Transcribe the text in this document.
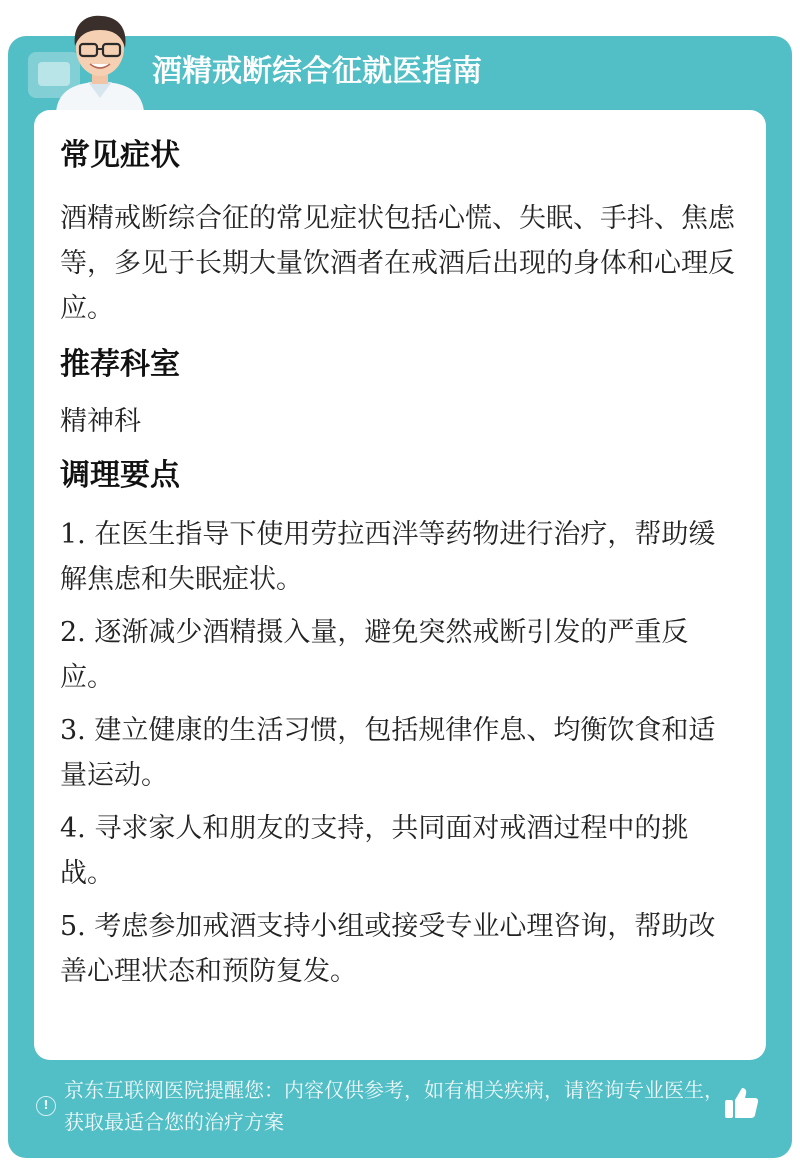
酒精戒断综合征就医指南
常见症状

酒精戒断综合征的常见症状包括心慌、失眠、手抖、焦虑等，多见于长期大量饮酒者在戒酒后出现的身体和心理反应。

推荐科室

精神科

调理要点
1. 在医生指导下使用劳拉西泮等药物进行治疗，帮助缓解焦虑和失眠症状。
2. 逐渐减少酒精摄入量，避免突然戒断引发的严重反应。
3. 建立健康的生活习惯，包括规律作息、均衡饮食和适量运动。
4. 寻求家人和朋友的支持，共同面对戒酒过程中的挑战。
5. 考虑参加戒酒支持小组或接受专业心理咨询，帮助改善心理状态和预防复发。
!

京东互联网医院提醒您：内容仅供参考，如有相关疾病，请咨询专业医生，获取最适合您的治疗方案
